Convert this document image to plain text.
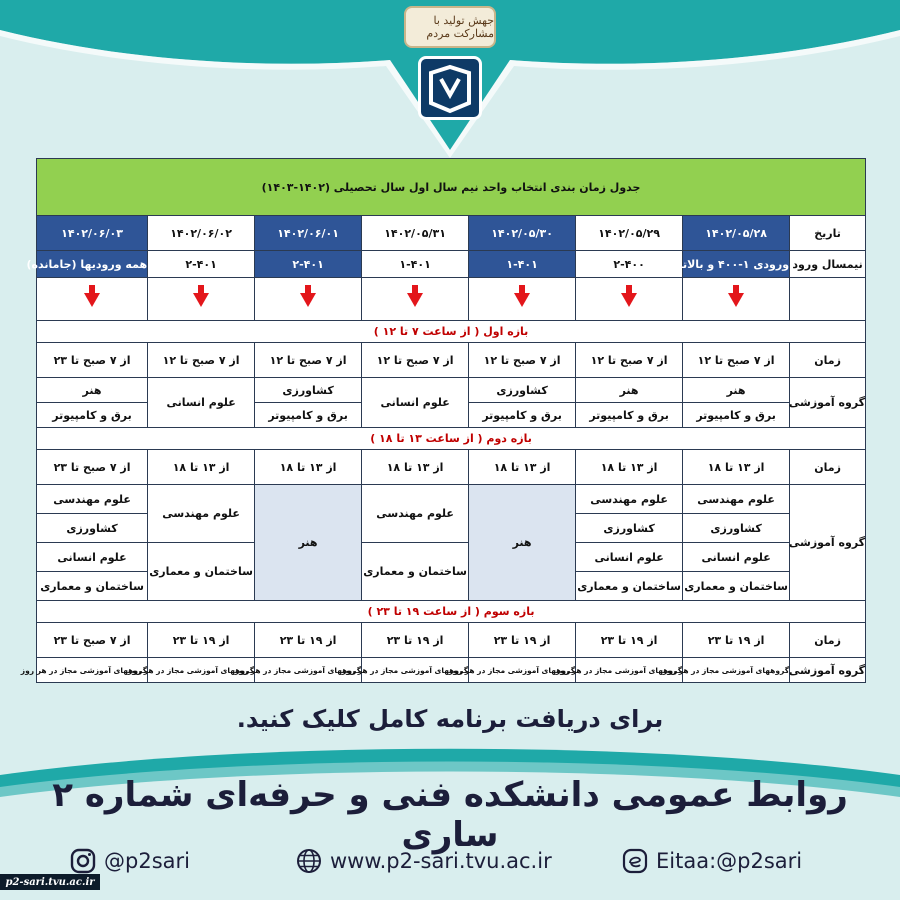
جهش تولید با مشارکت مردم
جدول زمان بندی انتخاب واحد نیم سال اول سال تحصیلی (۱۴۰۲-۱۴۰۳)							
تاریخ	۱۴۰۲/۰۵/۲۸	۱۴۰۲/۰۵/۲۹	۱۴۰۲/۰۵/۳۰	۱۴۰۲/۰۵/۳۱	۱۴۰۲/۰۶/۰۱	۱۴۰۲/۰۶/۰۲	۱۴۰۲/۰۶/۰۳
نیمسال ورود	ورودی ۱-۴۰۰ و بالاتر	۲-۴۰۰	۱-۴۰۱	۱-۴۰۱	۲-۴۰۱	۲-۴۰۱	همه ورودیها (جامانده)

بازه اول ( از ساعت ۷ تا ۱۲ )							
زمان	از ۷ صبح تا ۱۲	از ۷ صبح تا ۱۲	از ۷ صبح تا ۱۲	از ۷ صبح تا ۱۲	از ۷ صبح تا ۱۲	از ۷ صبح تا ۱۲	از ۷ صبح تا ۲۳
گروه آموزشی	هنر	هنر	کشاورزی	علوم انسانی	کشاورزی	علوم انسانی	هنر
	برق و کامپیوتر	برق و کامپیوتر	برق و کامپیوتر		برق و کامپیوتر		برق و کامپیوتر
بازه دوم ( از ساعت ۱۳ تا ۱۸ )							
زمان	از ۱۳ تا ۱۸	از ۱۳ تا ۱۸	از ۱۳ تا ۱۸	از ۱۳ تا ۱۸	از ۱۳ تا ۱۸	از ۱۳ تا ۱۸	از ۷ صبح تا ۲۳
گروه آموزشی	علوم مهندسی	علوم مهندسی	هنر	علوم مهندسی	هنر	علوم مهندسی	علوم مهندسی
	کشاورزی	کشاورزی					کشاورزی
	علوم انسانی	علوم انسانی		ساختمان و معماری		ساختمان و معماری	علوم انسانی
	ساختمان و معماری	ساختمان و معماری					ساختمان و معماری
بازه سوم ( از ساعت ۱۹ تا ۲۳ )							
زمان	از ۱۹ تا ۲۳	از ۱۹ تا ۲۳	از ۱۹ تا ۲۳	از ۱۹ تا ۲۳	از ۱۹ تا ۲۳	از ۱۹ تا ۲۳	از ۷ صبح تا ۲۳
گروه آموزشی	گروههای آموزشی مجاز در هر روز	گروههای آموزشی مجاز در هر روز	گروههای آموزشی مجاز در هر روز	گروههای آموزشی مجاز در هر روز	گروههای آموزشی مجاز در هر روز	گروههای آموزشی مجاز در هر روز	گروههای آموزشی مجاز در هر روز
برای دریافت برنامه کامل کلیک کنید.
روابط عمومی دانشکده فنی و حرفه‌ای شماره ۲ ساری
@p2sari	www.p2-sari.tvu.ac.ir	Eitaa:@p2sari
p2-sari.tvu.ac.ir
